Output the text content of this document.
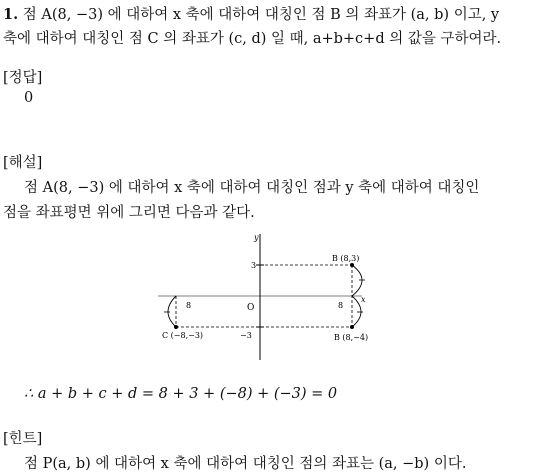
1. 점 A(8, −3) 에 대하여 x 축에 대하여 대칭인 점 B 의 좌표가 (a, b) 이고, y
축에 대하여 대칭인 점 C 의 좌표가 (c, d) 일 때, a+b+c+d 의 값을 구하여라.
[정답]
0
[해설]
점 A(8, −3) 에 대하여 x 축에 대하여 대칭인 점과 y 축에 대하여 대칭인
점을 좌표평면 위에 그리면 다음과 같다.
y
x
O
3
−3
B (8,3)
B (8,−4)
C (−8,−3)
8	8
∴ a + b + c + d = 8 + 3 + (−8) + (−3) = 0
[힌트]
점 P(a, b) 에 대하여 x 축에 대하여 대칭인 점의 좌표는 (a, −b) 이다.
